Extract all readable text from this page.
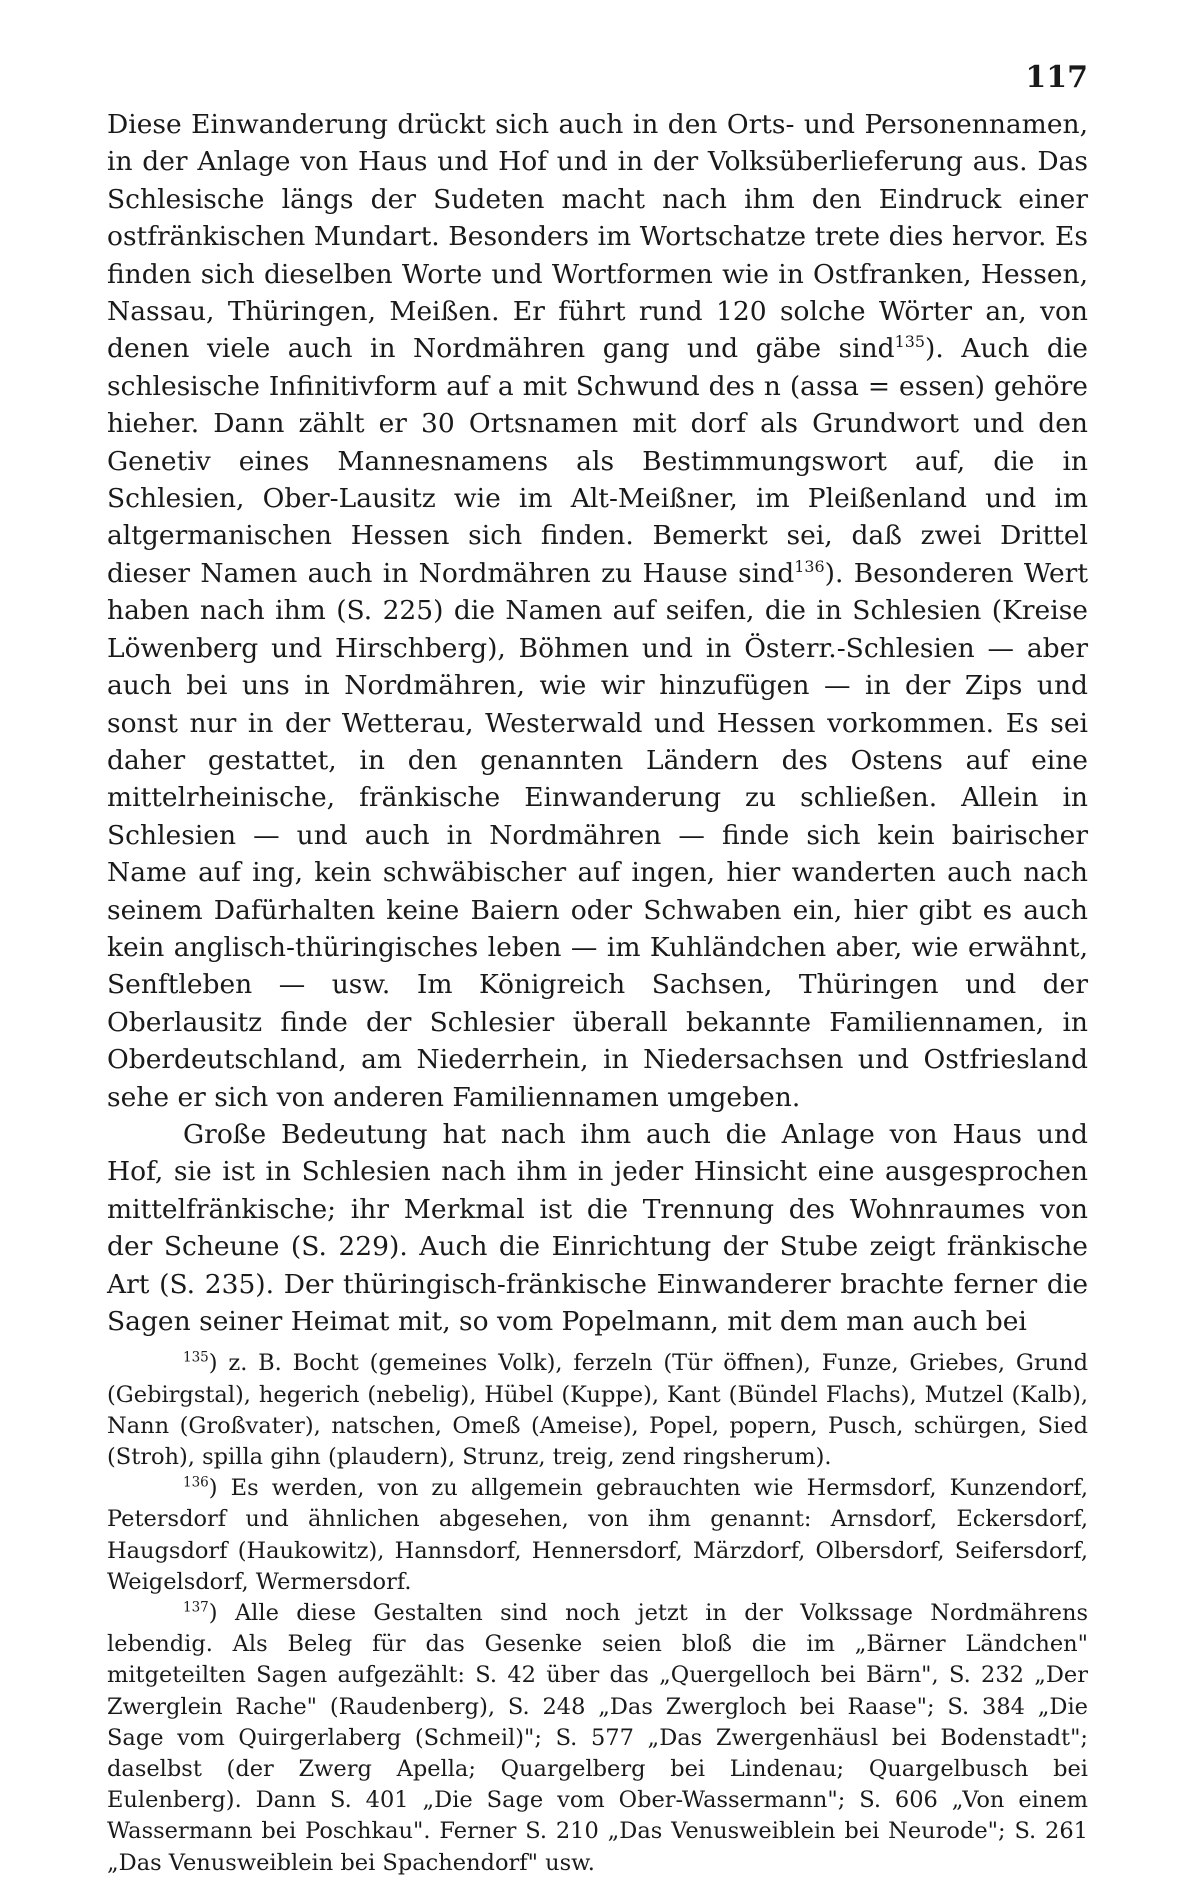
117

Diese Einwanderung drückt sich auch in den Orts- und Personennamen, in der Anlage von Haus und Hof und in der Volksüberlieferung aus. Das Schlesische längs der Sudeten macht nach ihm den Eindruck einer ostfränkischen Mundart. Besonders im Wortschatze trete dies hervor. Es finden sich dieselben Worte und Wortformen wie in Ostfranken, Hessen, Nassau, Thüringen, Meißen. Er führt rund 120 solche Wörter an, von denen viele auch in Nordmähren gang und gäbe sind$^{135}$). Auch die schlesische Infinitivform auf a mit Schwund des n (assa = essen) gehöre hieher. Dann zählt er 30 Ortsnamen mit dorf als Grundwort und den Genetiv eines Mannesnamens als Bestimmungswort auf, die in Schlesien, Ober-Lausitz wie im Alt-Meißner, im Pleißenland und im altgermanischen Hessen sich finden. Bemerkt sei, daß zwei Drittel dieser Namen auch in Nordmähren zu Hause sind$^{136}$). Besonderen Wert haben nach ihm (S. 225) die Namen auf seifen, die in Schlesien (Kreise Löwenberg und Hirschberg), Böhmen und in Österr.-Schlesien — aber auch bei uns in Nordmähren, wie wir hinzufügen — in der Zips und sonst nur in der Wetterau, Westerwald und Hessen vorkommen. Es sei daher gestattet, in den genannten Ländern des Ostens auf eine mittelrheinische, fränkische Einwanderung zu schließen. Allein in Schlesien — und auch in Nordmähren — finde sich kein bairischer Name auf ing, kein schwäbischer auf ingen, hier wanderten auch nach seinem Dafürhalten keine Baiern oder Schwaben ein, hier gibt es auch kein anglisch-thüringisches leben — im Kuhländchen aber, wie erwähnt, Senftleben — usw. Im Königreich Sachsen, Thüringen und der Oberlausitz finde der Schlesier überall bekannte Familiennamen, in Oberdeutschland, am Niederrhein, in Niedersachsen und Ostfriesland sehe er sich von anderen Familiennamen umgeben.

Große Bedeutung hat nach ihm auch die Anlage von Haus und Hof, sie ist in Schlesien nach ihm in jeder Hinsicht eine ausgesprochen mittelfränkische; ihr Merkmal ist die Trennung des Wohnraumes von der Scheune (S. 229). Auch die Einrichtung der Stube zeigt fränkische Art (S. 235). Der thüringisch-fränkische Einwanderer brachte ferner die Sagen seiner Heimat mit, so vom Popelmann, mit dem man auch bei

$^{135}$) z. B. Bocht (gemeines Volk), ferzeln (Tür öffnen), Funze, Griebes, Grund (Gebirgstal), hegerich (nebelig), Hübel (Kuppe), Kant (Bündel Flachs), Mutzel (Kalb), Nann (Großvater), natschen, Omeß (Ameise), Popel, popern, Pusch, schürgen, Sied (Stroh), spilla gihn (plaudern), Strunz, treig, zend ringsherum).

$^{136}$) Es werden, von zu allgemein gebrauchten wie Hermsdorf, Kunzendorf, Petersdorf und ähnlichen abgesehen, von ihm genannt: Arnsdorf, Eckersdorf, Haugsdorf (Haukowitz), Hannsdorf, Hennersdorf, Märzdorf, Olbersdorf, Seifersdorf, Weigelsdorf, Wermersdorf.

$^{137}$) Alle diese Gestalten sind noch jetzt in der Volkssage Nordmährens lebendig. Als Beleg für das Gesenke seien bloß die im „Bärner Ländchen" mitgeteilten Sagen aufgezählt: S. 42 über das „Quergelloch bei Bärn", S. 232 „Der Zwerglein Rache" (Raudenberg), S. 248 „Das Zwergloch bei Raase"; S. 384 „Die Sage vom Quirgerlaberg (Schmeil)"; S. 577 „Das Zwergenhäusl bei Bodenstadt"; daselbst (der Zwerg Apella; Quargelberg bei Lindenau; Quargelbusch bei Eulenberg). Dann S. 401 „Die Sage vom Ober-Wassermann"; S. 606 „Von einem Wassermann bei Poschkau". Ferner S. 210 „Das Venusweiblein bei Neurode"; S. 261 „Das Venusweiblein bei Spachendorf" usw.
